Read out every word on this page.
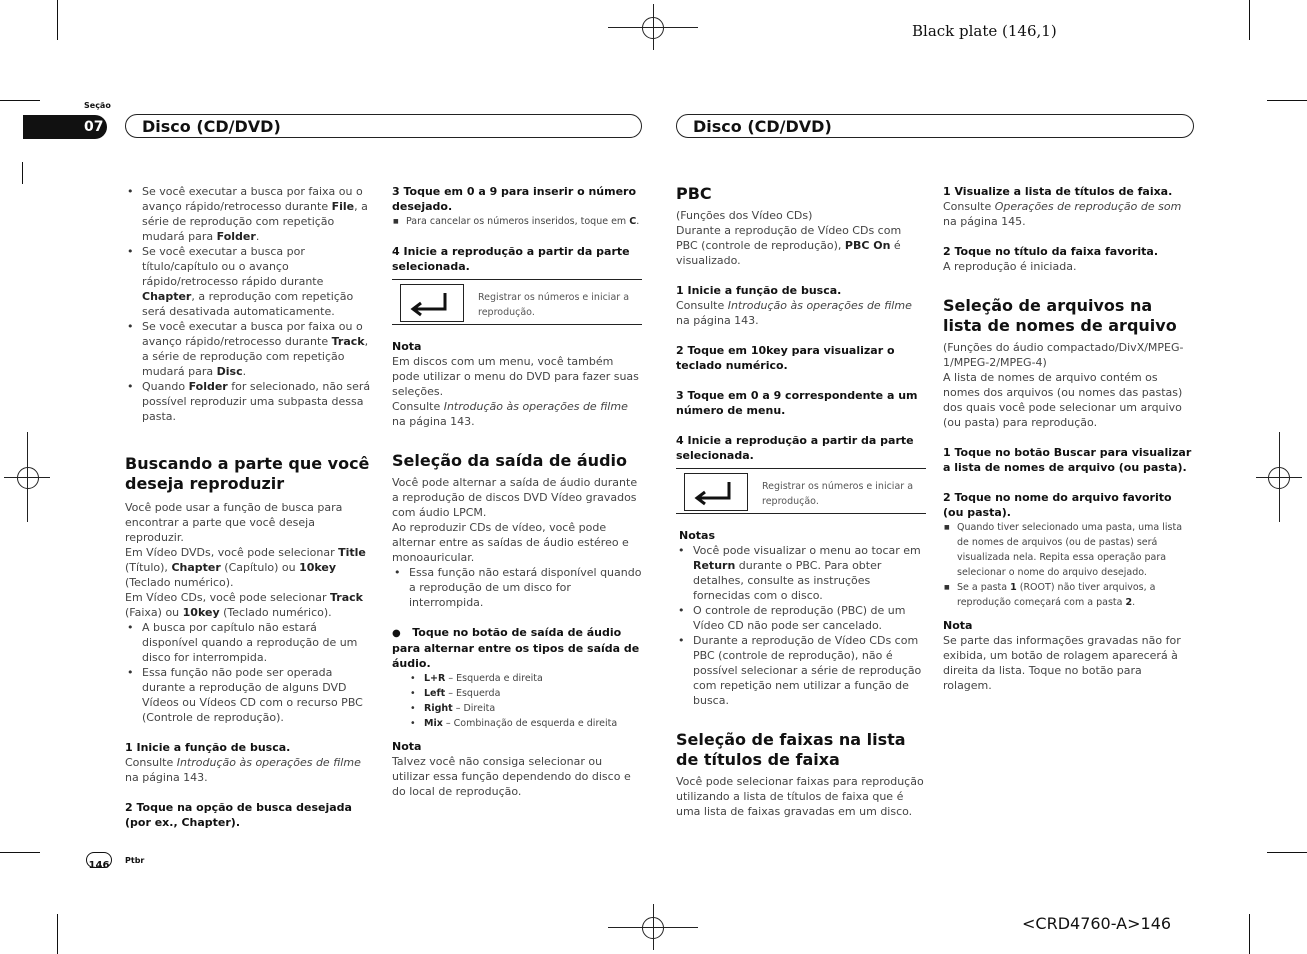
Black plate (146,1)
Seção
07 Disco (CD/DVD)	Disco (CD/DVD)
• Se você executar a busca por faixa ou o avanço rápido/retrocesso durante File, a série de reprodução com repetição mudará para Folder.
• Se você executar a busca por título/capítulo ou o avanço rápido/retrocesso rápido durante Chapter, a reprodução com repetição será desativada automaticamente.
• Se você executar a busca por faixa ou o avanço rápido/retrocesso durante Track, a série de reprodução com repetição mudará para Disc.
• Quando Folder for selecionado, não será possível reproduzir uma subpasta dessa pasta.

Buscando a parte que você deseja reproduzir

Você pode usar a função de busca para encontrar a parte que você deseja reproduzir.

Em Vídeo DVDs, você pode selecionar Title (Título), Chapter (Capítulo) ou 10key (Teclado numérico).

Em Vídeo CDs, você pode selecionar Track (Faixa) ou 10key (Teclado numérico).

• A busca por capítulo não estará disponível quando a reprodução de um disco for interrompida.
• Essa função não pode ser operada durante a reprodução de alguns DVD Vídeos ou Vídeos CD com o recurso PBC (Controle de reprodução).

1 Inicie a função de busca.

Consulte Introdução às operações de filme na página 143.

2 Toque na opção de busca desejada (por ex., Chapter).

3 Toque em 0 a 9 para inserir o número desejado.

■ Para cancelar os números inseridos, toque em C.

4 Inicie a reprodução a partir da parte selecionada.

Registrar os números e iniciar a reprodução.

Nota

Em discos com um menu, você também pode utilizar o menu do DVD para fazer suas seleções.

Consulte Introdução às operações de filme na página 143.

Seleção da saída de áudio

Você pode alternar a saída de áudio durante a reprodução de discos DVD Vídeo gravados com áudio LPCM.

Ao reproduzir CDs de vídeo, você pode alternar entre as saídas de áudio estéreo e monoauricular.

• Essa função não estará disponível quando a reprodução de um disco for interrompida.

● Toque no botão de saída de áudio para alternar entre os tipos de saída de áudio.

• L+R – Esquerda e direita
• Left – Esquerda
• Right – Direita
• Mix – Combinação de esquerda e direita

Nota

Talvez você não consiga selecionar ou utilizar essa função dependendo do disco e do local de reprodução.

PBC

(Funções dos Vídeo CDs)

Durante a reprodução de Vídeo CDs com PBC (controle de reprodução), PBC On é visualizado.

1 Inicie a função de busca.

Consulte Introdução às operações de filme na página 143.

2 Toque em 10key para visualizar o teclado numérico.

3 Toque em 0 a 9 correspondente a um número de menu.

4 Inicie a reprodução a partir da parte selecionada.

Registrar os números e iniciar a reprodução.

Notas

• Você pode visualizar o menu ao tocar em Return durante o PBC. Para obter detalhes, consulte as instruções fornecidas com o disco.
• O controle de reprodução (PBC) de um Vídeo CD não pode ser cancelado.
• Durante a reprodução de Vídeo CDs com PBC (controle de reprodução), não é possível selecionar a série de reprodução com repetição nem utilizar a função de busca.

Seleção de faixas na lista de títulos de faixa

Você pode selecionar faixas para reprodução utilizando a lista de títulos de faixa que é uma lista de faixas gravadas em um disco.

1 Visualize a lista de títulos de faixa.

Consulte Operações de reprodução de som na página 145.

2 Toque no título da faixa favorita.

A reprodução é iniciada.

Seleção de arquivos na lista de nomes de arquivo

(Funções do áudio compactado/DivX/MPEG-1/MPEG-2/MPEG-4)

A lista de nomes de arquivo contém os nomes dos arquivos (ou nomes das pastas) dos quais você pode selecionar um arquivo (ou pasta) para reprodução.

1 Toque no botão Buscar para visualizar a lista de nomes de arquivo (ou pasta).

2 Toque no nome do arquivo favorito (ou pasta).

■ Quando tiver selecionado uma pasta, uma lista de nomes de arquivos (ou de pastas) será visualizada nela. Repita essa operação para selecionar o nome do arquivo desejado.
■ Se a pasta 1 (ROOT) não tiver arquivos, a reprodução começará com a pasta 2.

Nota

Se parte das informações gravadas não for exibida, um botão de rolagem aparecerá à direita da lista. Toque no botão para rolagem.

146	Ptbr
<CRD4760-A>146
